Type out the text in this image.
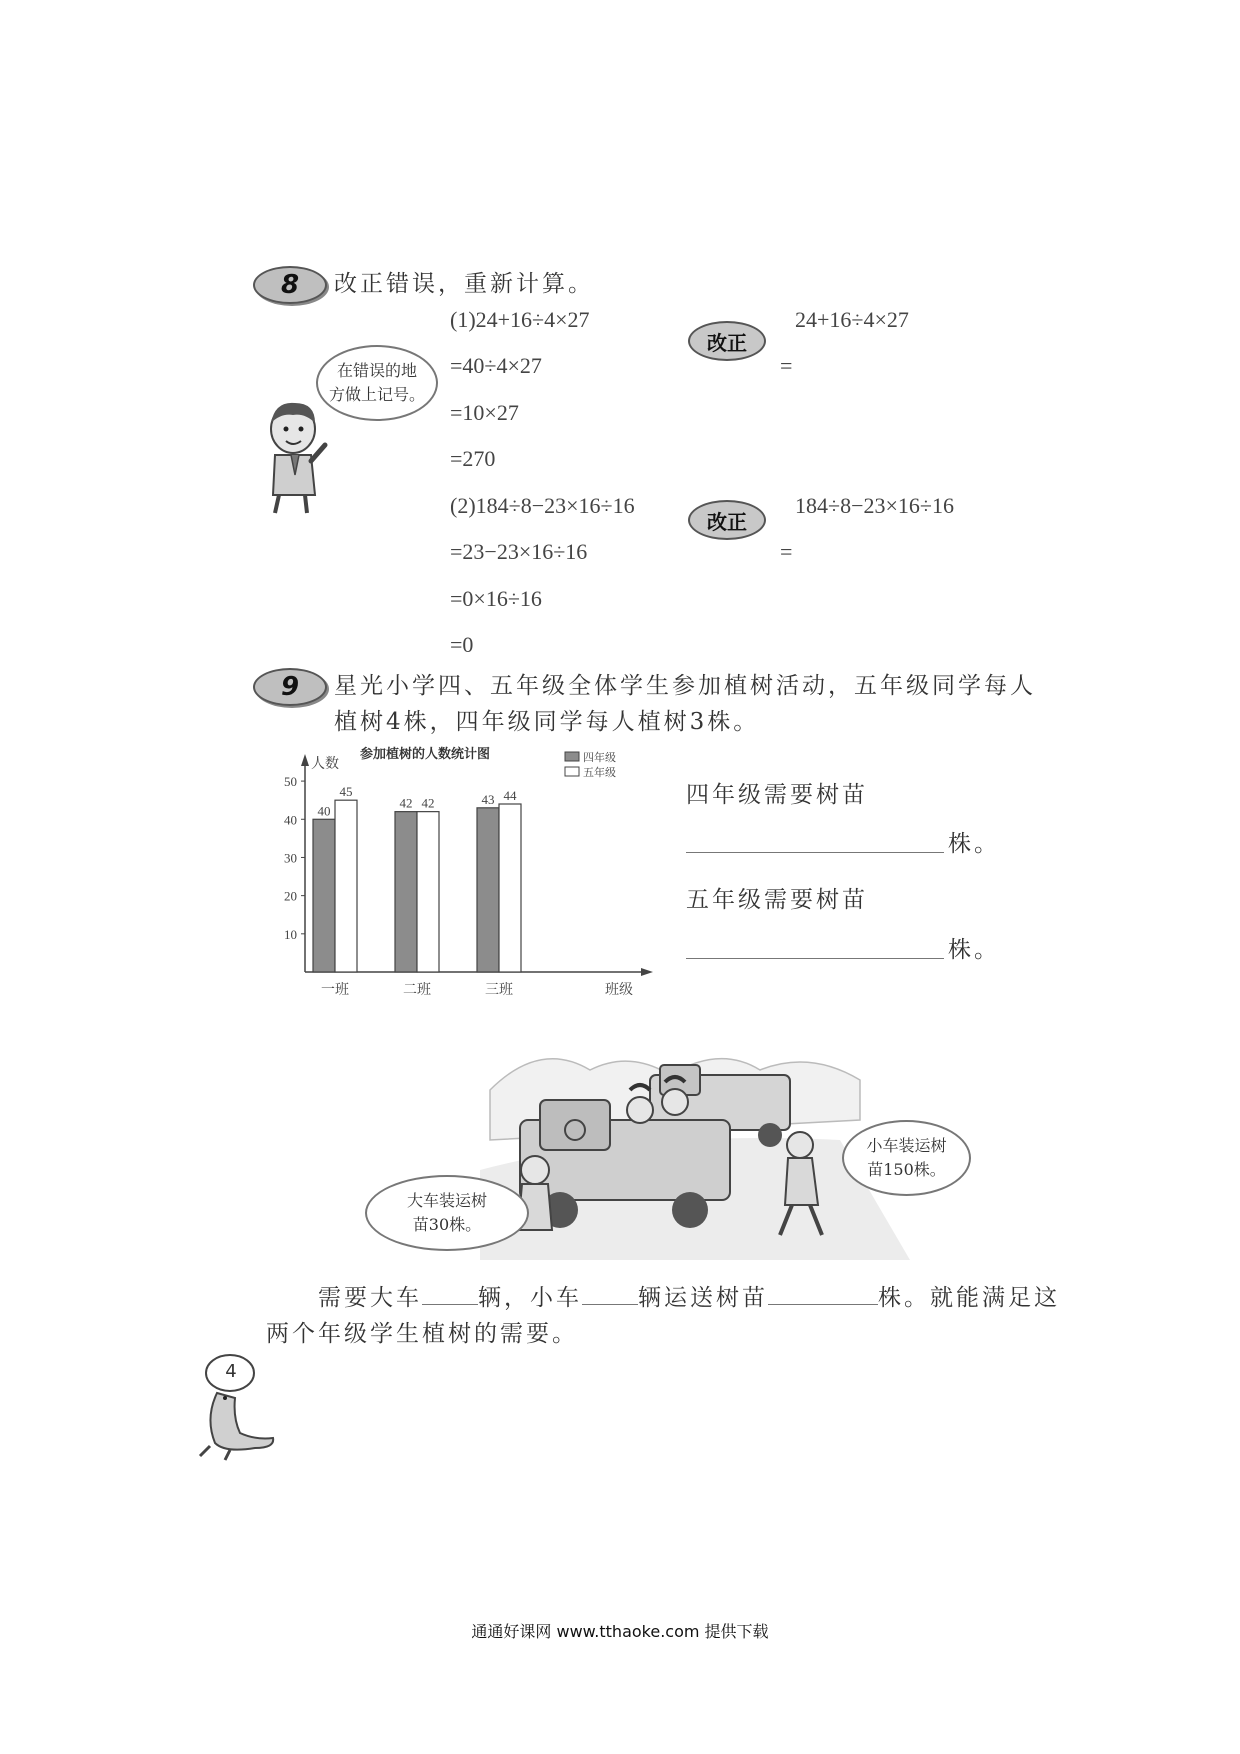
8 改正错误，重新计算。
在错误的地
方做上记号。
(1)24+16÷4×27
=40÷4×27
=10×27
=270
改正
24+16÷4×27
=
(2)184÷8−23×16÷16
=23−23×16÷16
=0×16÷16
=0
改正
184÷8−23×16÷16
=
9 星光小学四、五年级全体学生参加植树活动，五年级同学每人
植树4株，四年级同学每人植树3株。
人数
班级
参加植树的人数统计图	四年级
五年级
10
20
30
40
50
40
45
一班
42 42
二班
43 44
三班
四年级需要树苗
株。
五年级需要树苗
株。
大车装运树
苗30株。
小车装运树
苗150株。
需要大车 辆，小车 辆运送树苗	株。就能满足这
两个年级学生植树的需要。
4
通通好课网 www.tthaoke.com 提供下载
